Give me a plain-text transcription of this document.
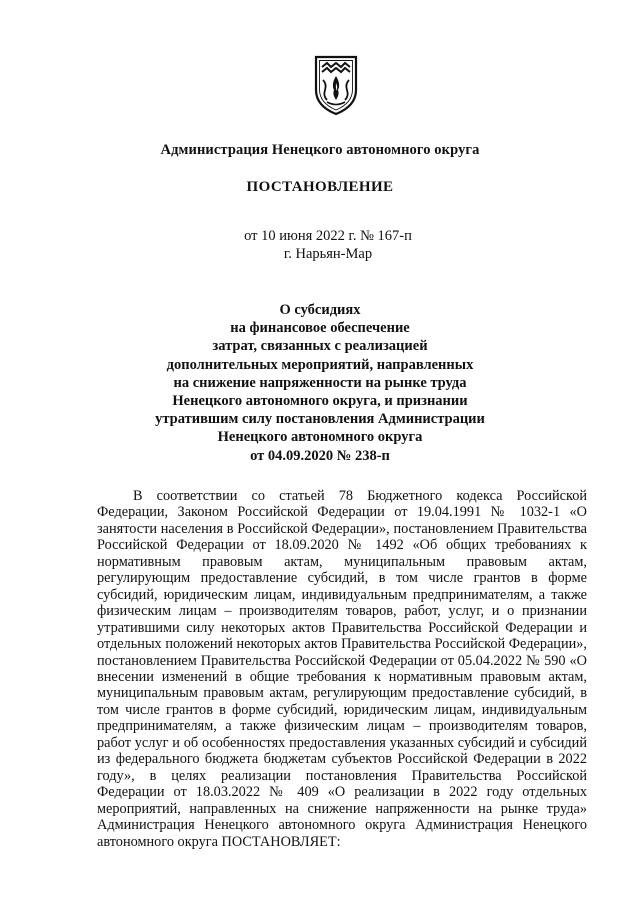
Администрация Ненецкого автономного округа

ПОСТАНОВЛЕНИЕ

от 10 июня 2022 г. № 167-п

г. Нарьян-Мар

О субсидиях
на финансовое обеспечение
затрат, связанных с реализацией
дополнительных мероприятий, направленных
на снижение напряженности на рынке труда
Ненецкого автономного округа, и признании
утратившим силу постановления Администрации
Ненецкого автономного округа
от 04.09.2020 № 238-п

В соответствии со статьей 78 Бюджетного кодекса Российской Федерации, Законом Российской Федерации от 19.04.1991 № 1032-1 «О занятости населения в Российской Федерации», постановлением Правительства Российской Федерации от 18.09.2020 № 1492 «Об общих требованиях к нормативным правовым актам, муниципальным правовым актам, регулирующим предоставление субсидий, в том числе грантов в форме субсидий, юридическим лицам, индивидуальным предпринимателям, а также физическим лицам – производителям товаров, работ, услуг, и о признании утратившими силу некоторых актов Правительства Российской Федерации и отдельных положений некоторых актов Правительства Российской Федерации», постановлением Правительства Российской Федерации от 05.04.2022 № 590 «О внесении изменений в общие требования к нормативным правовым актам, муниципальным правовым актам, регулирующим предоставление субсидий, в том числе грантов в форме субсидий, юридическим лицам, индивидуальным предпринимателям, а также физическим лицам – производителям товаров, работ услуг и об особенностях предоставления указанных субсидий и субсидий из федерального бюджета бюджетам субъектов Российской Федерации в 2022 году», в целях реализации постановления Правительства Российской Федерации от 18.03.2022 № 409 «О реализации в 2022 году отдельных мероприятий, направленных на снижение напряженности на рынке труда» Администрация Ненецкого автономного округа Администрация Ненецкого автономного округа ПОСТАНОВЛЯЕТ:
